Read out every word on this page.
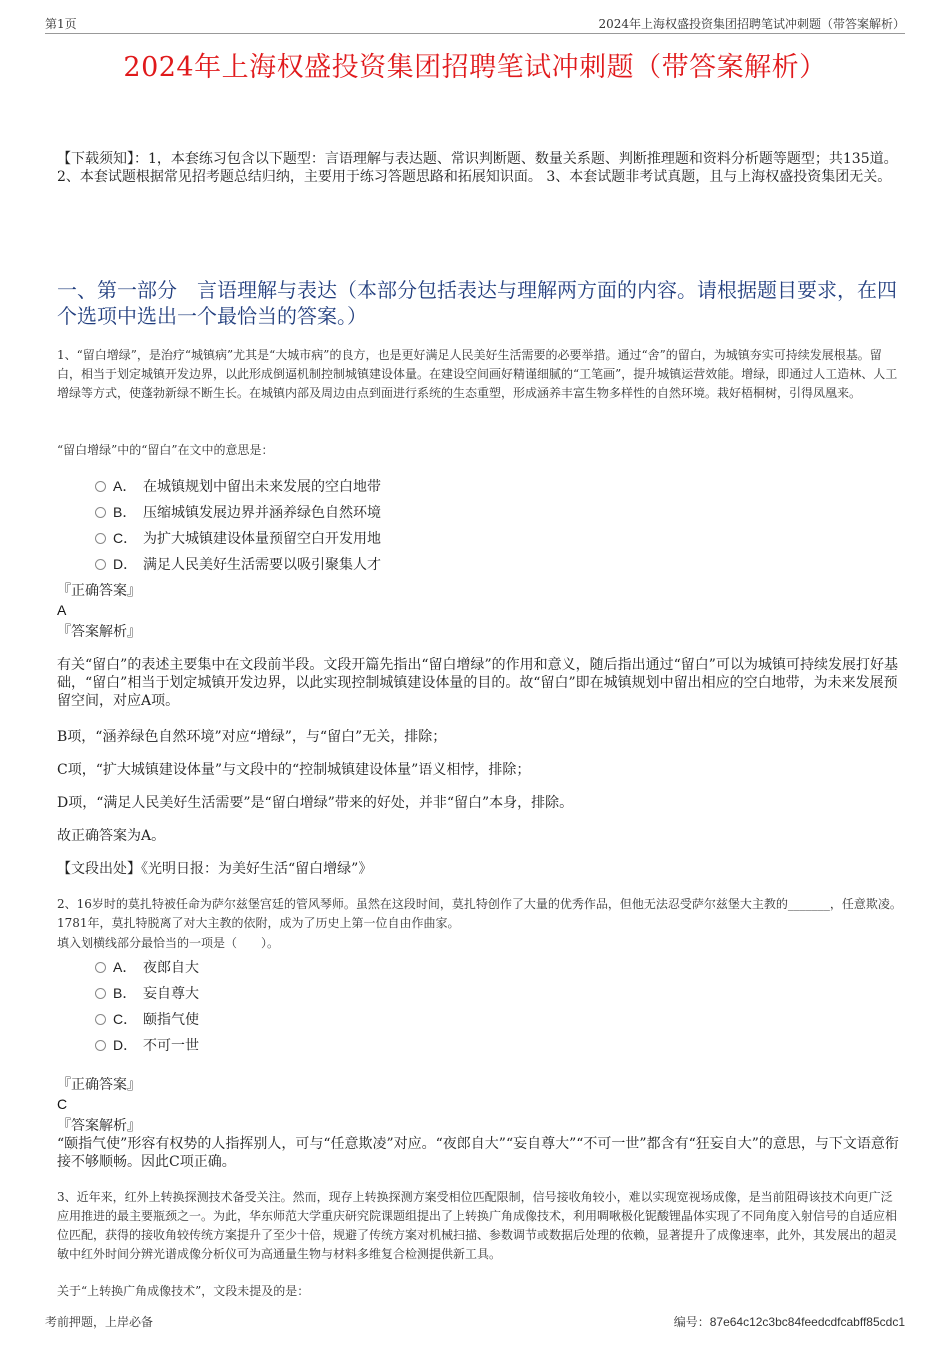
第1页	2024年上海权盛投资集团招聘笔试冲刺题（带答案解析）
2024年上海权盛投资集团招聘笔试冲刺题（带答案解析）
【下载须知】：1，本套练习包含以下题型：言语理解与表达题、常识判断题、数量关系题、判断推理题和资料分析题等题型；共135道。 2、本套试题根据常见招考题总结归纳，主要用于练习答题思路和拓展知识面。 3、本套试题非考试真题，且与上海权盛投资集团无关。
一、第一部分　言语理解与表达（本部分包括表达与理解两方面的内容。请根据题目要求，在四个选项中选出一个最恰当的答案。）
1、“留白增绿”，是治疗“城镇病”尤其是“大城市病”的良方，也是更好满足人民美好生活需要的必要举措。通过“舍”的留白，为城镇夯实可持续发展根基。留白，相当于划定城镇开发边界，以此形成倒逼机制控制城镇建设体量。在建设空间画好精谨细腻的“工笔画”，提升城镇运营效能。增绿，即通过人工造林、人工增绿等方式，使蓬勃新绿不断生长。在城镇内部及周边由点到面进行系统的生态重塑，形成涵养丰富生物多样性的自然环境。栽好梧桐树，引得凤凰来。
“留白增绿”中的“留白”在文中的意思是：
A． 在城镇规划中留出未来发展的空白地带
B． 压缩城镇发展边界并涵养绿色自然环境
C． 为扩大城镇建设体量预留空白开发用地
D． 满足人民美好生活需要以吸引聚集人才
『正确答案』
A
『答案解析』
有关“留白”的表述主要集中在文段前半段。文段开篇先指出“留白增绿”的作用和意义，随后指出通过“留白”可以为城镇可持续发展打好基础，“留白”相当于划定城镇开发边界，以此实现控制城镇建设体量的目的。故“留白”即在城镇规划中留出相应的空白地带，为未来发展预留空间，对应A项。
B项，“涵养绿色自然环境”对应“增绿”，与“留白”无关，排除；
C项，“扩大城镇建设体量”与文段中的“控制城镇建设体量”语义相悖，排除；
D项，“满足人民美好生活需要”是“留白增绿”带来的好处，并非“留白”本身，排除。
故正确答案为A。
【文段出处】《光明日报：为美好生活“留白增绿”》
2、16岁时的莫扎特被任命为萨尔兹堡宫廷的管风琴师。虽然在这段时间，莫扎特创作了大量的优秀作品，但他无法忍受萨尔兹堡大主教的_______，任意欺凌。1781年，莫扎特脱离了对大主教的依附，成为了历史上第一位自由作曲家。
填入划横线部分最恰当的一项是（　　）。
A． 夜郎自大
B． 妄自尊大
C． 颐指气使
D． 不可一世
『正确答案』
C
『答案解析』
“颐指气使”形容有权势的人指挥别人，可与“任意欺凌”对应。“夜郎自大”“妄自尊大”“不可一世”都含有“狂妄自大”的意思，与下文语意衔接不够顺畅。因此C项正确。
3、近年来，红外上转换探测技术备受关注。然而，现存上转换探测方案受相位匹配限制，信号接收角较小，难以实现宽视场成像，是当前阻碍该技术向更广泛应用推进的最主要瓶颈之一。为此，华东师范大学重庆研究院课题组提出了上转换广角成像技术，利用啁啾极化铌酸锂晶体实现了不同角度入射信号的自适应相位匹配，获得的接收角较传统方案提升了至少十倍，规避了传统方案对机械扫描、参数调节或数据后处理的依赖，显著提升了成像速率，此外，其发展出的超灵敏中红外时间分辨光谱成像分析仪可为高通量生物与材料多维复合检测提供新工具。
关于“上转换广角成像技术”，文段未提及的是：
考前押题，上岸必备	编号：87e64c12c3bc84feedcdfcabff85cdc1
